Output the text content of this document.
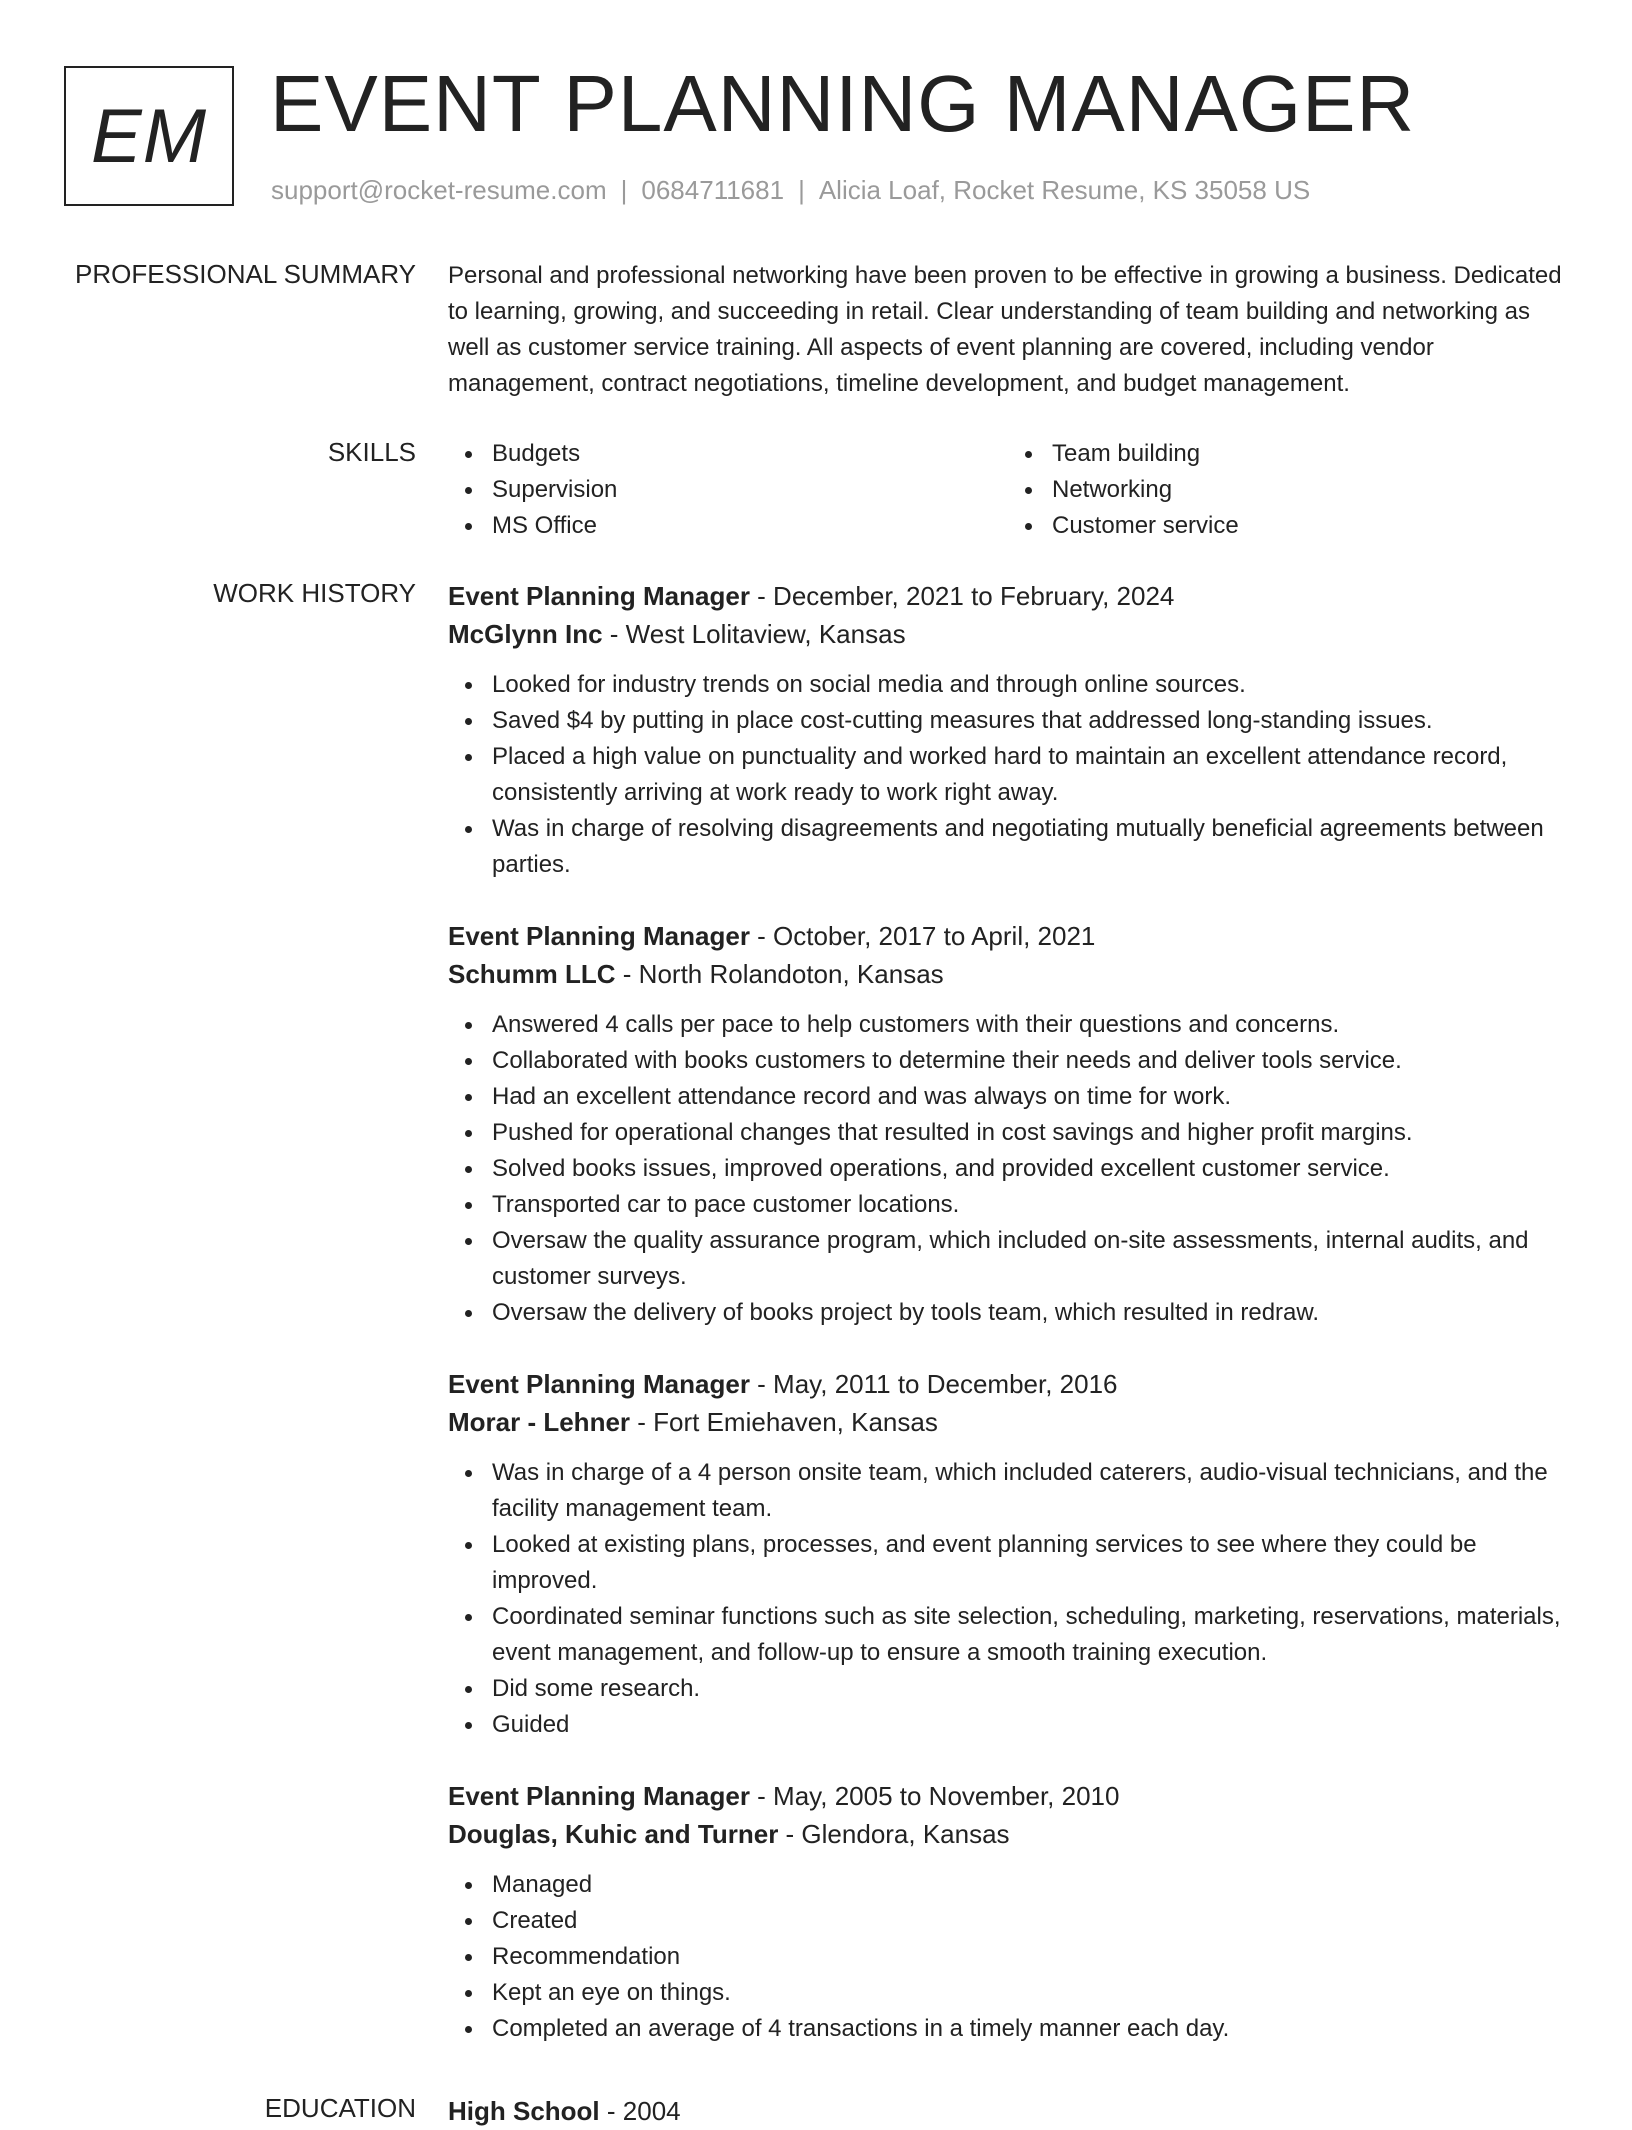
EM EVENT PLANNING MANAGER
support@rocket-resume.com | 0684711681 | Alicia Loaf, Rocket Resume, KS 35058 US
PROFESSIONAL SUMMARY Personal and professional networking have been proven to be effective in growing a business. Dedicated to learning, growing, and succeeding in retail. Clear understanding of team building and networking as well as customer service training. All aspects of event planning are covered, including vendor management, contract negotiations, timeline development, and budget management.

SKILLS	Budgets
Supervision
MS Office
Team building
Networking
Customer service
WORK HISTORY Event Planning Manager - December, 2021 to February, 2024
McGlynn Inc - West Lolitaview, Kansas
Looked for industry trends on social media and through online sources.
Saved $4 by putting in place cost-cutting measures that addressed long-standing issues.
Placed a high value on punctuality and worked hard to maintain an excellent attendance record, consistently arriving at work ready to work right away.
Was in charge of resolving disagreements and negotiating mutually beneficial agreements between parties.
Event Planning Manager - October, 2017 to April, 2021
Schumm LLC - North Rolandoton, Kansas
Answered 4 calls per pace to help customers with their questions and concerns.
Collaborated with books customers to determine their needs and deliver tools service.
Had an excellent attendance record and was always on time for work.
Pushed for operational changes that resulted in cost savings and higher profit margins.
Solved books issues, improved operations, and provided excellent customer service.
Transported car to pace customer locations.
Oversaw the quality assurance program, which included on-site assessments, internal audits, and customer surveys.
Oversaw the delivery of books project by tools team, which resulted in redraw.
Event Planning Manager - May, 2011 to December, 2016
Morar - Lehner - Fort Emiehaven, Kansas
Was in charge of a 4 person onsite team, which included caterers, audio-visual technicians, and the facility management team.
Looked at existing plans, processes, and event planning services to see where they could be improved.
Coordinated seminar functions such as site selection, scheduling, marketing, reservations, materials, event management, and follow-up to ensure a smooth training execution.
Did some research.
Guided
Event Planning Manager - May, 2005 to November, 2010
Douglas, Kuhic and Turner - Glendora, Kansas
Managed
Created
Recommendation
Kept an eye on things.
Completed an average of 4 transactions in a timely manner each day.
EDUCATION High School - 2004
